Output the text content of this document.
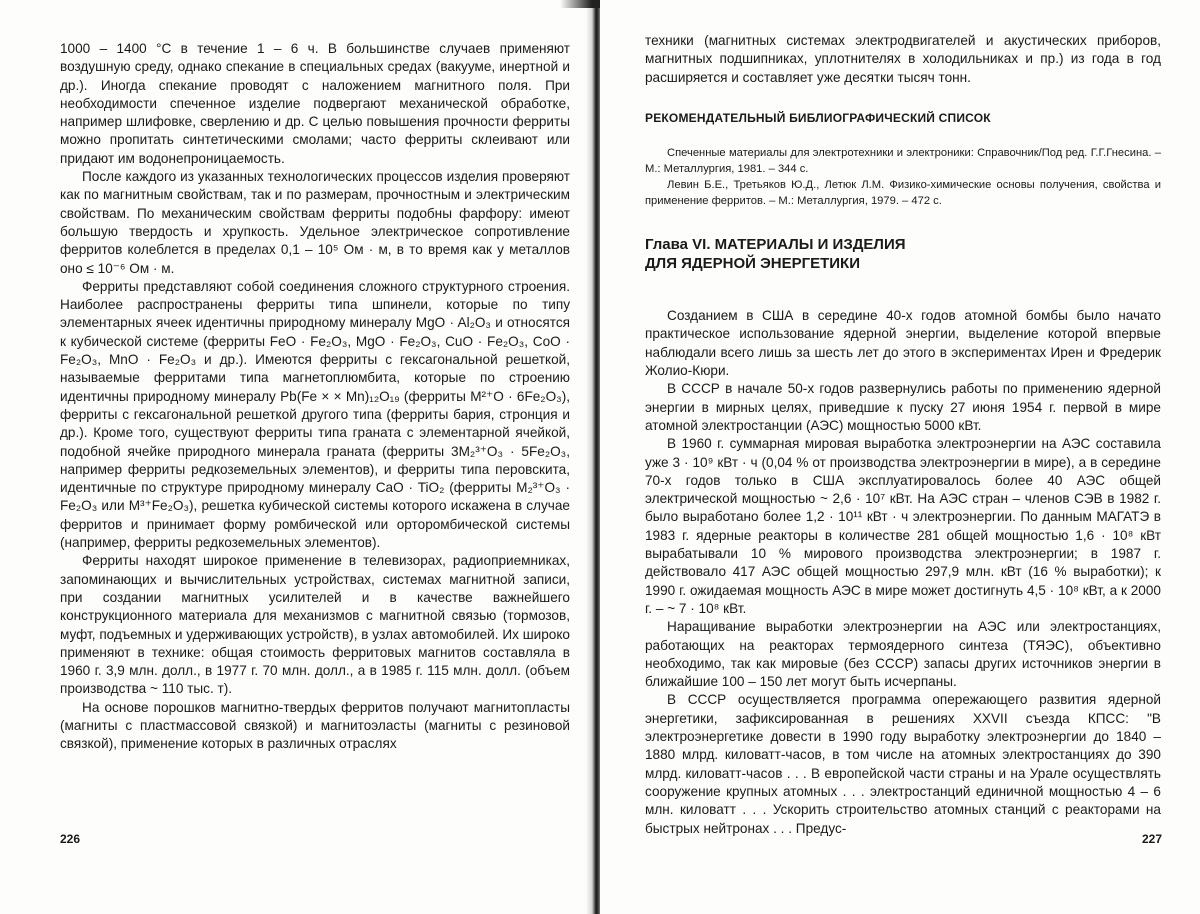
1000 – 1400 °С в течение 1 – 6 ч. В большинстве случаев применяют воздушную среду, однако спекание в специальных средах (вакууме, инертной и др.). Иногда спекание проводят с наложением магнитного поля. При необходимости спеченное изделие подвергают механической обработке, например шлифовке, сверлению и др. С целью повышения прочности ферриты можно пропитать синтетическими смолами; часто ферриты склеивают или придают им водонепроницаемость.

После каждого из указанных технологических процессов изделия проверяют как по магнитным свойствам, так и по размерам, прочностным и электрическим свойствам. По механическим свойствам ферриты подобны фарфору: имеют большую твердость и хрупкость. Удельное электрическое сопротивление ферритов колеблется в пределах 0,1 – 10⁵ Ом · м, в то время как у металлов оно ≤ 10⁻⁶ Ом · м.

Ферриты представляют собой соединения сложного структурного строения. Наиболее распространены ферриты типа шпинели, которые по типу элементарных ячеек идентичны природному минералу MgO · Al₂O₃ и относятся к кубической системе (ферриты FeO · Fe₂O₃, MgO · Fe₂O₃, CuO · Fe₂O₃, CoO · Fe₂O₃, MnO · Fe₂O₃ и др.). Имеются ферриты с гексагональной решеткой, называемые ферритами типа магнетоплюмбита, которые по строению идентичны природному минералу Pb(Fe × × Mn)₁₂O₁₉ (ферриты M²⁺O · 6Fe₂O₃), ферриты с гексагональной решеткой другого типа (ферриты бария, стронция и др.). Кроме того, существуют ферриты типа граната с элементарной ячейкой, подобной ячейке природного минерала граната (ферриты 3M₂³⁺O₃ · 5Fe₂O₃, например ферриты редкоземельных элементов), и ферриты типа перовскита, идентичные по структуре природному минералу CaO · TiO₂ (ферриты M₂³⁺O₃ · Fe₂O₃ или M³⁺Fe₂O₃), решетка кубической системы которого искажена в случае ферритов и принимает форму ромбической или орторомбической системы (например, ферриты редкоземельных элементов).

Ферриты находят широкое применение в телевизорах, радиоприемниках, запоминающих и вычислительных устройствах, системах магнитной записи, при создании магнитных усилителей и в качестве важнейшего конструкционного материала для механизмов с магнитной связью (тормозов, муфт, подъемных и удерживающих устройств), в узлах автомобилей. Их широко применяют в технике: общая стоимость ферритовых магнитов составляла в 1960 г. 3,9 млн. долл., в 1977 г. 70 млн. долл., а в 1985 г. 115 млн. долл. (объем производства ~ 110 тыс. т).

На основе порошков магнитно-твердых ферритов получают магнитопласты (магниты с пластмассовой связкой) и магнитоэласты (магниты с резиновой связкой), применение которых в различных отраслях

226

техники (магнитных системах электродвигателей и акустических приборов, магнитных подшипниках, уплотнителях в холодильниках и пр.) из года в год расширяется и составляет уже десятки тысяч тонн.

РЕКОМЕНДАТЕЛЬНЫЙ БИБЛИОГРАФИЧЕСКИЙ СПИСОК

Спеченные материалы для электротехники и электроники: Справочник/Под ред. Г.Г.Гнесина. – М.: Металлургия, 1981. – 344 с.

Левин Б.Е., Третьяков Ю.Д., Летюк Л.М. Физико-химические основы получения, свойства и применение ферритов. – М.: Металлургия, 1979. – 472 с.

Глава VI. МАТЕРИАЛЫ И ИЗДЕЛИЯ
ДЛЯ ЯДЕРНОЙ ЭНЕРГЕТИКИ

Созданием в США в середине 40-х годов атомной бомбы было начато практическое использование ядерной энергии, выделение которой впервые наблюдали всего лишь за шесть лет до этого в экспериментах Ирен и Фредерик Жолио-Кюри.

В СССР в начале 50-х годов развернулись работы по применению ядерной энергии в мирных целях, приведшие к пуску 27 июня 1954 г. первой в мире атомной электростанции (АЭС) мощностью 5000 кВт.

В 1960 г. суммарная мировая выработка электроэнергии на АЭС составила уже 3 · 10⁹ кВт · ч (0,04 % от производства электроэнергии в мире), а в середине 70-х годов только в США эксплуатировалось более 40 АЭС общей электрической мощностью ~ 2,6 · 10⁷ кВт. На АЭС стран – членов СЭВ в 1982 г. было выработано более 1,2 · 10¹¹ кВт · ч электроэнергии. По данным МАГАТЭ в 1983 г. ядерные реакторы в количестве 281 общей мощностью 1,6 · 10⁸ кВт вырабатывали 10 % мирового производства электроэнергии; в 1987 г. действовало 417 АЭС общей мощностью 297,9 млн. кВт (16 % выработки); к 1990 г. ожидаемая мощность АЭС в мире может достигнуть 4,5 · 10⁸ кВт, а к 2000 г. – ~ 7 · 10⁸ кВт.

Наращивание выработки электроэнергии на АЭС или электростанциях, работающих на реакторах термоядерного синтеза (ТЯЭС), объективно необходимо, так как мировые (без СССР) запасы других источников энергии в ближайшие 100 – 150 лет могут быть исчерпаны.

В СССР осуществляется программа опережающего развития ядерной энергетики, зафиксированная в решениях XXVII съезда КПСС: "В электроэнергетике довести в 1990 году выработку электроэнергии до 1840 – 1880 млрд. киловатт-часов, в том числе на атомных электростанциях до 390 млрд. киловатт-часов . . . В европейской части страны и на Урале осуществлять сооружение крупных атомных . . . электростанций единичной мощностью 4 – 6 млн. киловатт . . . Ускорить строительство атомных станций с реакторами на быстрых нейтронах . . . Предус-

227
